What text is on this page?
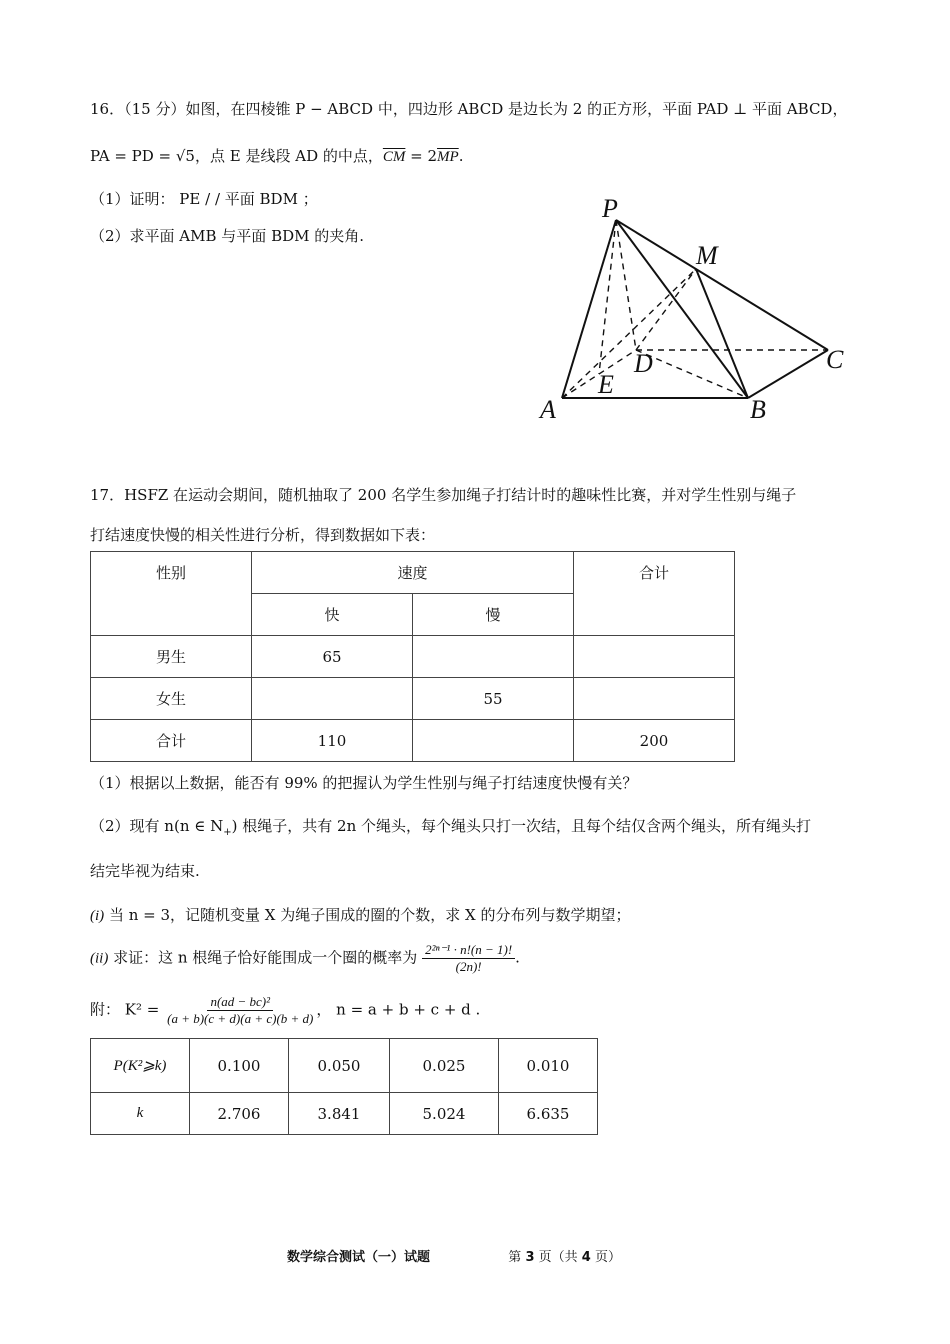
16．（15 分）如图，在四棱锥 P − ABCD 中，四边形 ABCD 是边长为 2 的正方形，平面 PAD ⊥ 平面 ABCD，
PA = PD = √5，点 E 是线段 AD 的中点，$\overline{CM} = 2\overline{MP}$.
（1）证明： PE / / 平面 BDM ；
（2）求平面 AMB 与平面 BDM 的夹角.
P
M
C
D
E
A	B
17．HSFZ 在运动会期间，随机抽取了 200 名学生参加绳子打结计时的趣味性比赛，并对学生性别与绳子
打结速度快慢的相关性进行分析，得到数据如下表：
性别	速度		合计
	快	慢	
男生	65		
女生		55	
合计	110		200
（1）根据以上数据，能否有 99% 的把握认为学生性别与绳子打结速度快慢有关？
（2）现有 n(n ∈ $N_+$) 根绳子，共有 2n 个绳头，每个绳头只打一次结，且每个结仅含两个绳头，所有绳头打
结完毕视为结束.
(i) 当 n = 3，记随机变量 X 为绳子围成的圈的个数，求 X 的分布列与数学期望；
(ii) 求证：这 n 根绳子恰好能围成一个圈的概率为 $\frac{\text{2²ⁿ⁻¹ · n!(n − 1)!}}{(2n)!}$ .
附： $K^2 = \frac{\text{n(ad − bc)²}}{(a + b)(c + d)(a + c)(b + d)}$ ， n = a + b + c + d .
P(K²⩾k)	0.100	0.050	0.025	0.010
k	2.706	3.841	5.024	6.635
数学综合测试（一）试题	第 3 页（共 4 页）
